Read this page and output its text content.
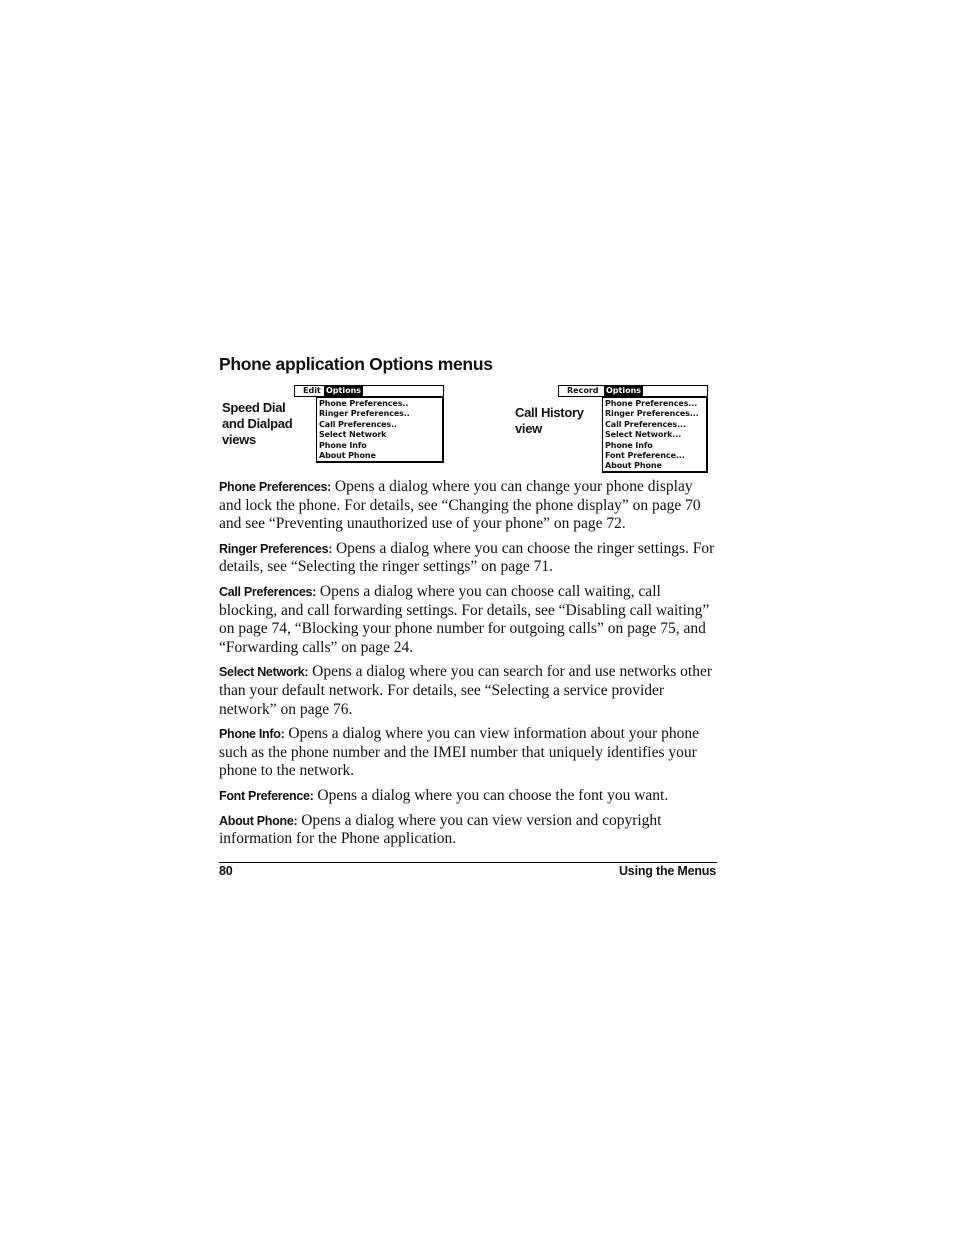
Phone application Options menus
Speed Dial
and Dialpad
views
Edit Options
Phone Preferences..
Ringer Preferences..
Call Preferences..
Select Network
Phone Info
About Phone
Call History
view
Record Options
Phone Preferences...
Ringer Preferences...
Call Preferences...
Select Network...
Phone Info
Font Preference...
About Phone

Phone Preferences: Opens a dialog where you can change your phone display and lock the phone. For details, see “Changing the phone display” on page 70 and see “Preventing unauthorized use of your phone” on page 72.

Ringer Preferences: Opens a dialog where you can choose the ringer settings. For details, see “Selecting the ringer settings” on page 71.

Call Preferences: Opens a dialog where you can choose call waiting, call blocking, and call forwarding settings. For details, see “Disabling call waiting” on page 74, “Blocking your phone number for outgoing calls” on page 75, and “Forwarding calls” on page 24.

Select Network: Opens a dialog where you can search for and use networks other than your default network. For details, see “Selecting a service provider network” on page 76.

Phone Info: Opens a dialog where you can view information about your phone such as the phone number and the IMEI number that uniquely identifies your phone to the network.

Font Preference: Opens a dialog where you can choose the font you want.

About Phone: Opens a dialog where you can view version and copyright information for the Phone application.

80	Using the Menus
